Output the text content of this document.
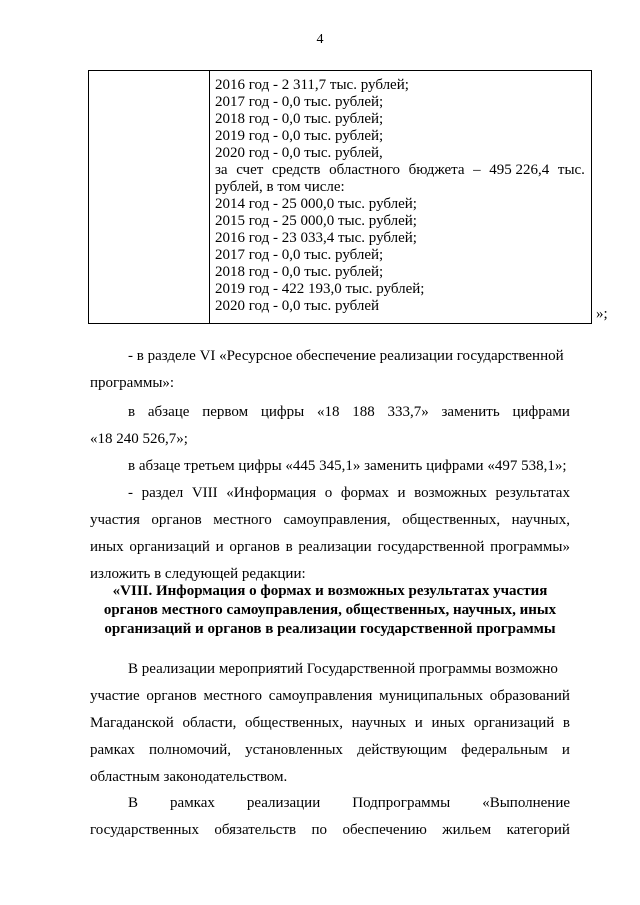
4
2016 год - 2 311,7 тыс. рублей;
2017 год - 0,0 тыс. рублей;
2018 год - 0,0 тыс. рублей;
2019 год - 0,0 тыс. рублей;
2020 год - 0,0 тыс. рублей,
за счет средств областного бюджета – 495 226,4 тыс.
рублей, в том числе:
2014 год - 25 000,0 тыс. рублей;
2015 год - 25 000,0 тыс. рублей;
2016 год - 23 033,4 тыс. рублей;
2017 год - 0,0 тыс. рублей;
2018 год - 0,0 тыс. рублей;
2019 год - 422 193,0 тыс. рублей;
2020 год - 0,0 тыс. рублей	»;
- в разделе VI «Ресурсное обеспечение реализации государственной
программы»:
в абзаце первом цифры «18 188 333,7» заменить цифрами
«18 240 526,7»;
в абзаце третьем цифры «445 345,1» заменить цифрами «497 538,1»;
- раздел VIII «Информация о формах и возможных результатах
участия органов местного самоуправления, общественных, научных,
иных организаций и органов в реализации государственной программы»
изложить в следующей редакции:
«VIII. Информация о формах и возможных результатах участия
органов местного самоуправления, общественных, научных, иных
организаций и органов в реализации государственной программы
В реализации мероприятий Государственной программы возможно
участие органов местного самоуправления муниципальных образований
Магаданской области, общественных, научных и иных организаций в
рамках полномочий, установленных действующим федеральным и
областным законодательством.
В рамках реализации Подпрограммы «Выполнение
государственных обязательств по обеспечению жильем категорий
